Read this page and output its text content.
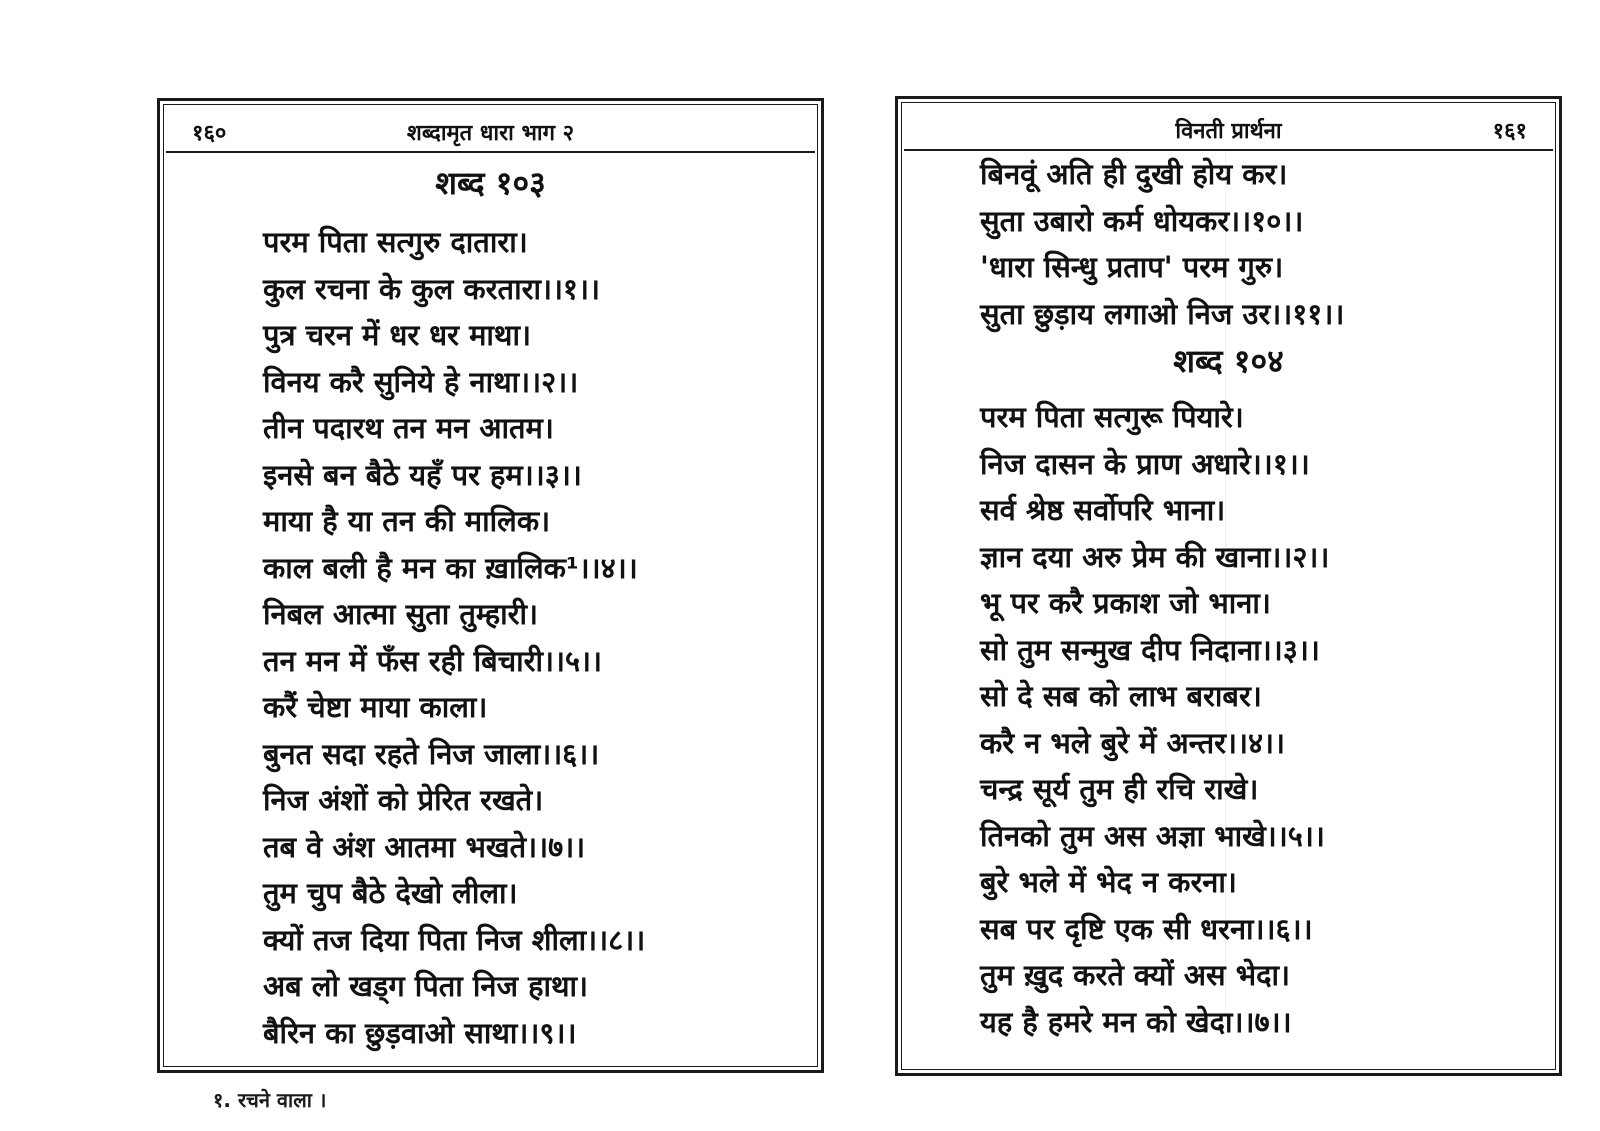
१६०	शब्दामृत धारा भाग २
शब्द १०३
परम पिता सत्गुरु दातारा।
कुल रचना के कुल करतारा।।१।।
पुत्र चरन में धर धर माथा।
विनय करै सुनिये हे नाथा।।२।।
तीन पदारथ तन मन आतम।
इनसे बन बैठे यहँ पर हम।।३।।
माया है या तन की मालिक।
काल बली है मन का ख़ालिक¹।।४।।
निबल आत्मा सुता तुम्हारी।
तन मन में फँस रही बिचारी।।५।।
करैं चेष्टा माया काला।
बुनत सदा रहते निज जाला।।६।।
निज अंशों को प्रेरित रखते।
तब वे अंश आतमा भखते।।७।।
तुम चुप बैठे देखो लीला।
क्यों तज दिया पिता निज शीला।।८।।
अब लो खड्ग पिता निज हाथा।
बैरिन का छुड़वाओ साथा।।९।।
विनती प्रार्थना	१६१
बिनवूं अति ही दुखी होय कर।
सुता उबारो कर्म धोयकर।।१०।।
'धारा सिन्धु प्रताप' परम गुरु।
सुता छुड़ाय लगाओ निज उर।।११।।
शब्द १०४
परम पिता सत्गुरू पियारे।
निज दासन के प्राण अधारे।।१।।
सर्व श्रेष्ठ सर्वोपरि भाना।
ज्ञान दया अरु प्रेम की खाना।।२।।
भू पर करै प्रकाश जो भाना।
सो तुम सन्मुख दीप निदाना।।३।।
सो दे सब को लाभ बराबर।
करै न भले बुरे में अन्तर।।४।।
चन्द्र सूर्य तुम ही रचि राखे।
तिनको तुम अस अज्ञा भाखे।।५।।
बुरे भले में भेद न करना।
सब पर दृष्टि एक सी धरना।।६।।
तुम ख़ुद करते क्यों अस भेदा।
यह है हमरे मन को खेदा।।७।।
१. रचने वाला ।
